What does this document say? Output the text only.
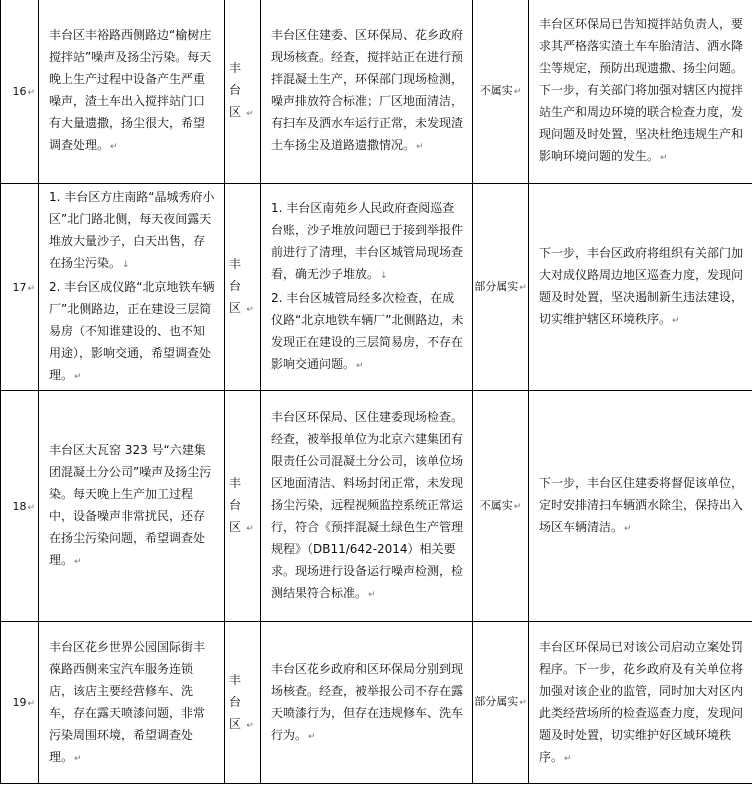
16↵	丰台区丰裕路西侧路边“榆树庄搅拌站”噪声及扬尘污染。每天晚上生产过程中设备产生严重噪声，渣土车出入搅拌站门口有大量遗撒，扬尘很大，希望调查处理。↵	丰台区 ↵	丰台区住建委、区环保局、花乡政府现场核查。经查，搅拌站正在进行预拌混凝土生产，环保部门现场检测，噪声排放符合标准；厂区地面清洁，有扫车及洒水车运行正常，未发现渣土车扬尘及道路遗撒情况。↵	不属实↵	丰台区环保局已告知搅拌站负责人，要求其严格落实渣土车车胎清洁、洒水降尘等规定，预防出现遗撒、扬尘问题。下一步，有关部门将加强对辖区内搅拌站生产和周边环境的联合检查力度，发现问题及时处置，坚决杜绝违规生产和影响环境问题的发生。↵

17↵	1. 丰台区方庄南路“晶城秀府小区”北门路北侧，每天夜间露天堆放大量沙子，白天出售，存在扬尘污染。↓
2. 丰台区成仪路“北京地铁车辆厂”北侧路边，正在建设三层简易房（不知谁建设的、也不知用途），影响交通，希望调查处理。↵	丰台区 ↵	1. 丰台区南苑乡人民政府查阅巡查台账，沙子堆放问题已于接到举报件前进行了清理，丰台区城管局现场查看，确无沙子堆放。↓
2. 丰台区城管局经多次检查，在成仪路“北京地铁车辆厂”北侧路边，未发现正在建设的三层简易房，不存在影响交通问题。↵	部分属实↵	下一步，丰台区政府将组织有关部门加大对成仪路周边地区巡查力度，发现问题及时处置，坚决遏制新生违法建设，切实维护辖区环境秩序。↵

18↵	丰台区大瓦窑 323 号“六建集团混凝土分公司”噪声及扬尘污染。每天晚上生产加工过程中，设备噪声非常扰民，还存在扬尘污染问题，希望调查处理。↵	丰台区 ↵	丰台区环保局、区住建委现场检查。经查，被举报单位为北京六建集团有限责任公司混凝土分公司，该单位场区地面清洁、料场封闭正常，未发现扬尘污染，远程视频监控系统正常运行，符合《预拌混凝土绿色生产管理规程》（DB11/642-2014）相关要求。现场进行设备运行噪声检测，检测结果符合标准。↵	不属实↵	下一步，丰台区住建委将督促该单位，定时安排清扫车辆洒水除尘，保持出入场区车辆清洁。↵

19↵	丰台区花乡世界公园国际街丰葆路西侧来宝汽车服务连锁店，该店主要经营修车、洗车，存在露天喷漆问题，非常污染周围环境，希望调查处理。↵	丰台区 ↵	丰台区花乡政府和区环保局分别到现场核查。经查，被举报公司不存在露天喷漆行为，但存在违规修车、洗车行为。↵	部分属实↵	丰台区环保局已对该公司启动立案处罚程序。下一步，花乡政府及有关单位将加强对该企业的监管，同时加大对区内此类经营场所的检查巡查力度，发现问题及时处置，切实维护好区域环境秩序。↵
